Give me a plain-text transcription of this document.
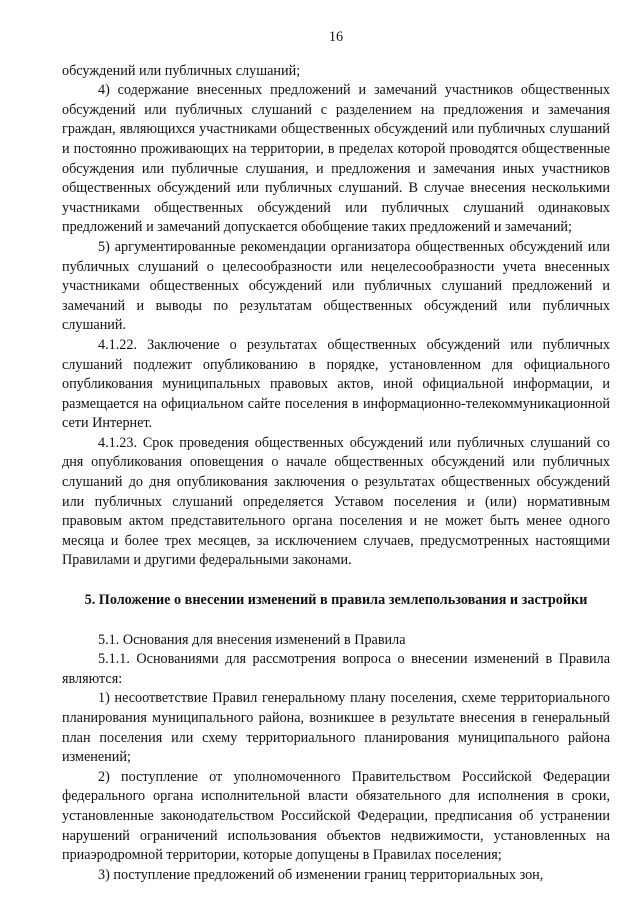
16

обсуждений или публичных слушаний;

4) содержание внесенных предложений и замечаний участников общественных обсуждений или публичных слушаний с разделением на предложения и замечания граждан, являющихся участниками общественных обсуждений или публичных слушаний и постоянно проживающих на территории, в пределах которой проводятся общественные обсуждения или публичные слушания, и предложения и замечания иных участников общественных обсуждений или публичных слушаний. В случае внесения несколькими участниками общественных обсуждений или публичных слушаний одинаковых предложений и замечаний допускается обобщение таких предложений и замечаний;

5) аргументированные рекомендации организатора общественных обсуждений или публичных слушаний о целесообразности или нецелесообразности учета внесенных участниками общественных обсуждений или публичных слушаний предложений и замечаний и выводы по результатам общественных обсуждений или публичных слушаний.

4.1.22. Заключение о результатах общественных обсуждений или публичных слушаний подлежит опубликованию в порядке, установленном для официального опубликования муниципальных правовых актов, иной официальной информации, и размещается на официальном сайте поселения в информационно-телекоммуникационной сети Интернет.

4.1.23. Срок проведения общественных обсуждений или публичных слушаний со дня опубликования оповещения о начале общественных обсуждений или публичных слушаний до дня опубликования заключения о результатах общественных обсуждений или публичных слушаний определяется Уставом поселения и (или) нормативным правовым актом представительного органа поселения и не может быть менее одного месяца и более трех месяцев, за исключением случаев, предусмотренных настоящими Правилами и другими федеральными законами.

5. Положение о внесении изменений в правила землепользования и застройки

5.1. Основания для внесения изменений в Правила

5.1.1. Основаниями для рассмотрения вопроса о внесении изменений в Правила являются:

1) несоответствие Правил генеральному плану поселения, схеме территориального планирования муниципального района, возникшее в результате внесения в генеральный план поселения или схему территориального планирования муниципального района изменений;

2) поступление от уполномоченного Правительством Российской Федерации федерального органа исполнительной власти обязательного для исполнения в сроки, установленные законодательством Российской Федерации, предписания об устранении нарушений ограничений использования объектов недвижимости, установленных на приаэродромной территории, которые допущены в Правилах поселения;

3) поступление предложений об изменении границ территориальных зон,
